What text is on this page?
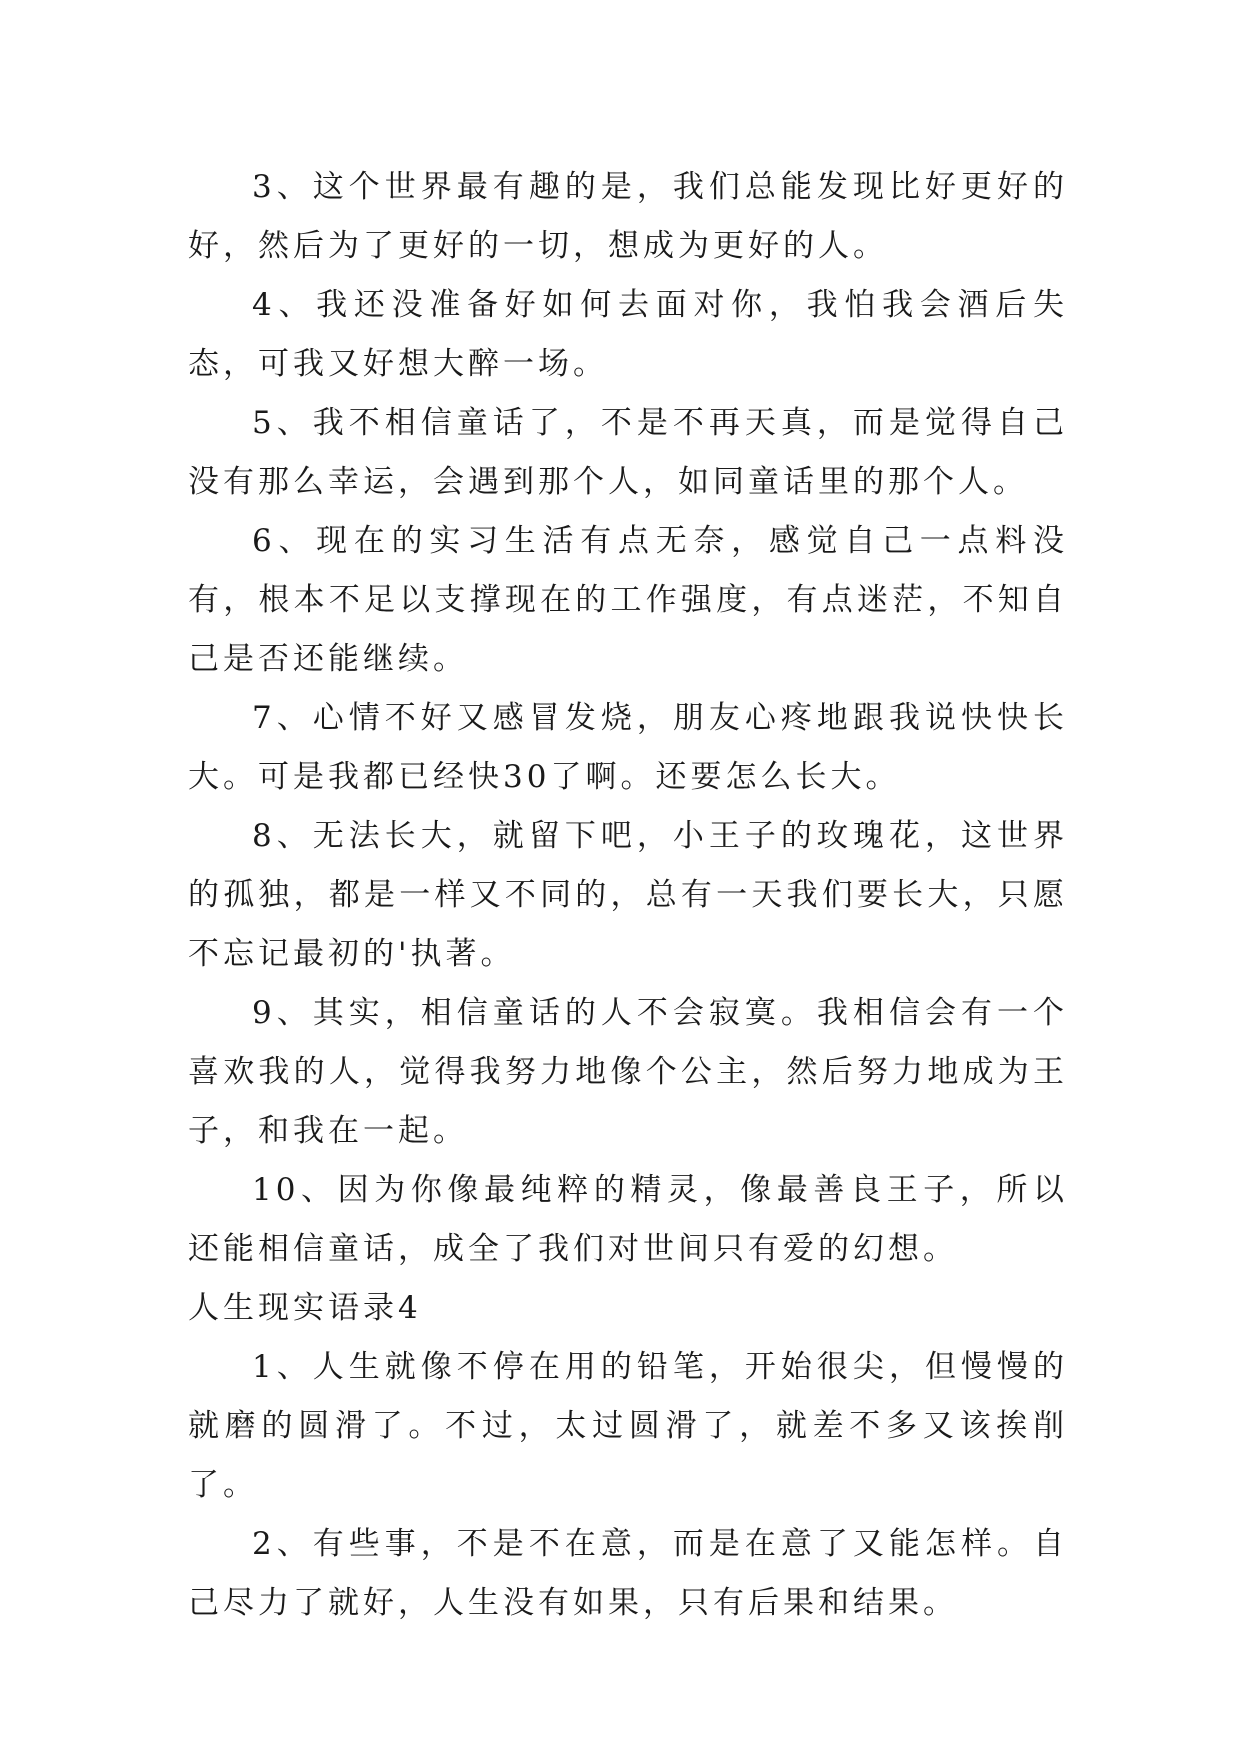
3、这个世界最有趣的是，我们总能发现比好更好的好，然后为了更好的一切，想成为更好的人。

4、我还没准备好如何去面对你，我怕我会酒后失态，可我又好想大醉一场。

5、我不相信童话了，不是不再天真，而是觉得自己没有那么幸运，会遇到那个人，如同童话里的那个人。

6、现在的实习生活有点无奈，感觉自己一点料没有，根本不足以支撑现在的工作强度，有点迷茫，不知自己是否还能继续。

7、心情不好又感冒发烧，朋友心疼地跟我说快快长大。可是我都已经快30了啊。还要怎么长大。

8、无法长大，就留下吧，小王子的玫瑰花，这世界的孤独，都是一样又不同的，总有一天我们要长大，只愿不忘记最初的'执著。

9、其实，相信童话的人不会寂寞。我相信会有一个喜欢我的人，觉得我努力地像个公主，然后努力地成为王子，和我在一起。

10、因为你像最纯粹的精灵，像最善良王子，所以还能相信童话，成全了我们对世间只有爱的幻想。

人生现实语录4

1、人生就像不停在用的铅笔，开始很尖，但慢慢的就磨的圆滑了。不过，太过圆滑了，就差不多又该挨削了。

2、有些事，不是不在意，而是在意了又能怎样。自己尽力了就好，人生没有如果，只有后果和结果。
